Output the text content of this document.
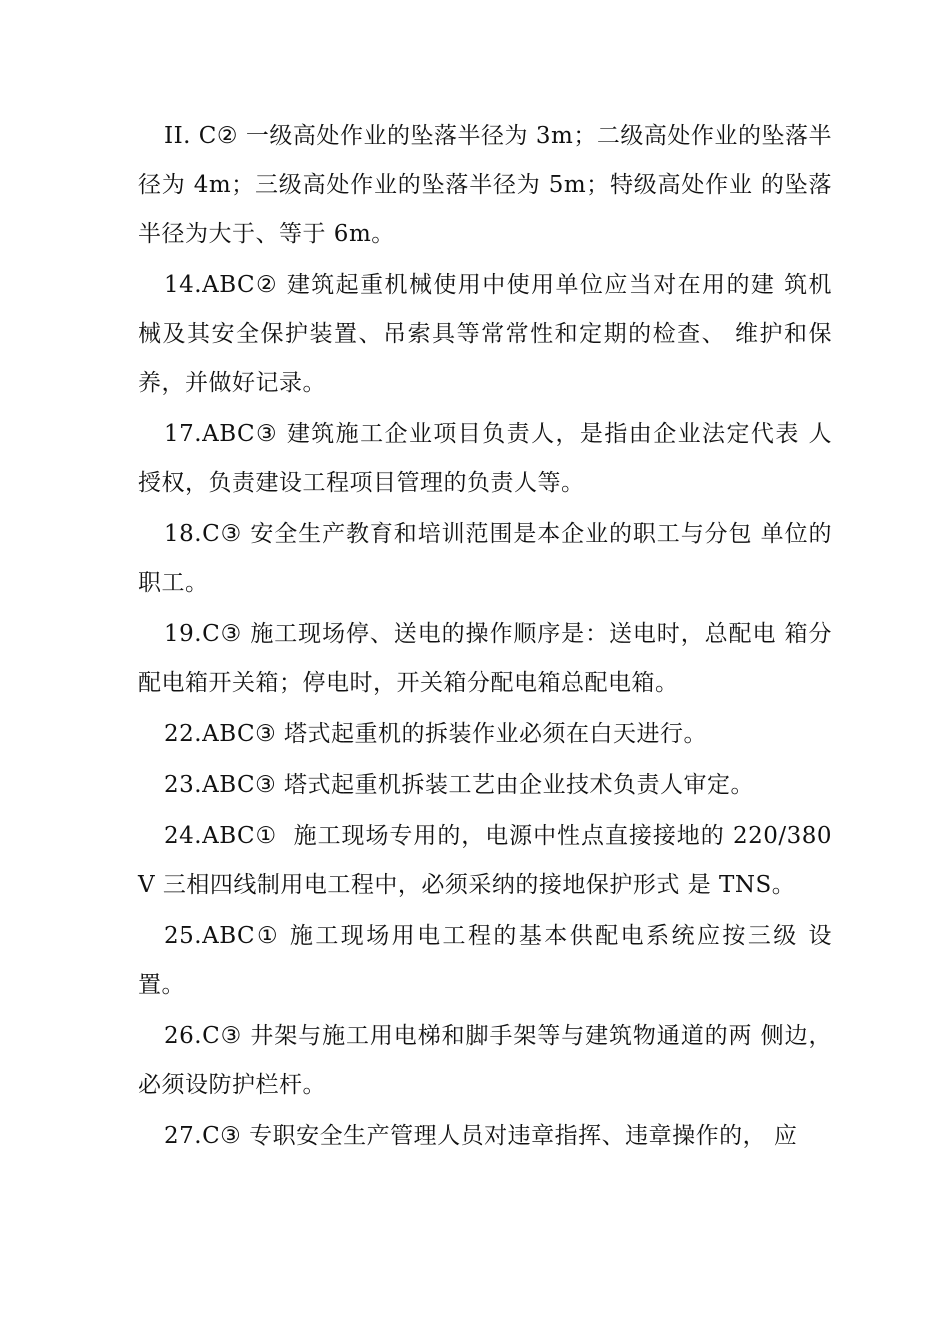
II. C② 一级高处作业的坠落半径为 3m；二级高处作业的坠落半径为 4m；三级高处作业的坠落半径为 5m；特级高处作业 的坠落半径为大于、等于 6m。

14.ABC② 建筑起重机械使用中使用单位应当对在用的建 筑机械及其安全保护装置、吊索具等常常性和定期的检查、 维护和保养，并做好记录。

17.ABC③ 建筑施工企业项目负责人，是指由企业法定代表 人授权，负责建设工程项目管理的负责人等。

18.C③ 安全生产教育和培训范围是本企业的职工与分包 单位的职工。

19.C③ 施工现场停、送电的操作顺序是：送电时，总配电 箱分配电箱开关箱；停电时，开关箱分配电箱总配电箱。

22.ABC③ 塔式起重机的拆装作业必须在白天进行。

23.ABC③ 塔式起重机拆装工艺由企业技术负责人审定。

24.ABC①  施工现场专用的，电源中性点直接接地的 220/380V 三相四线制用电工程中，必须采纳的接地保护形式 是 TNS。

25.ABC① 施工现场用电工程的基本供配电系统应按三级 设置。

26.C③ 井架与施工用电梯和脚手架等与建筑物通道的两 侧边，必须设防护栏杆。

27.C③ 专职安全生产管理人员对违章指挥、违章操作的， 应
